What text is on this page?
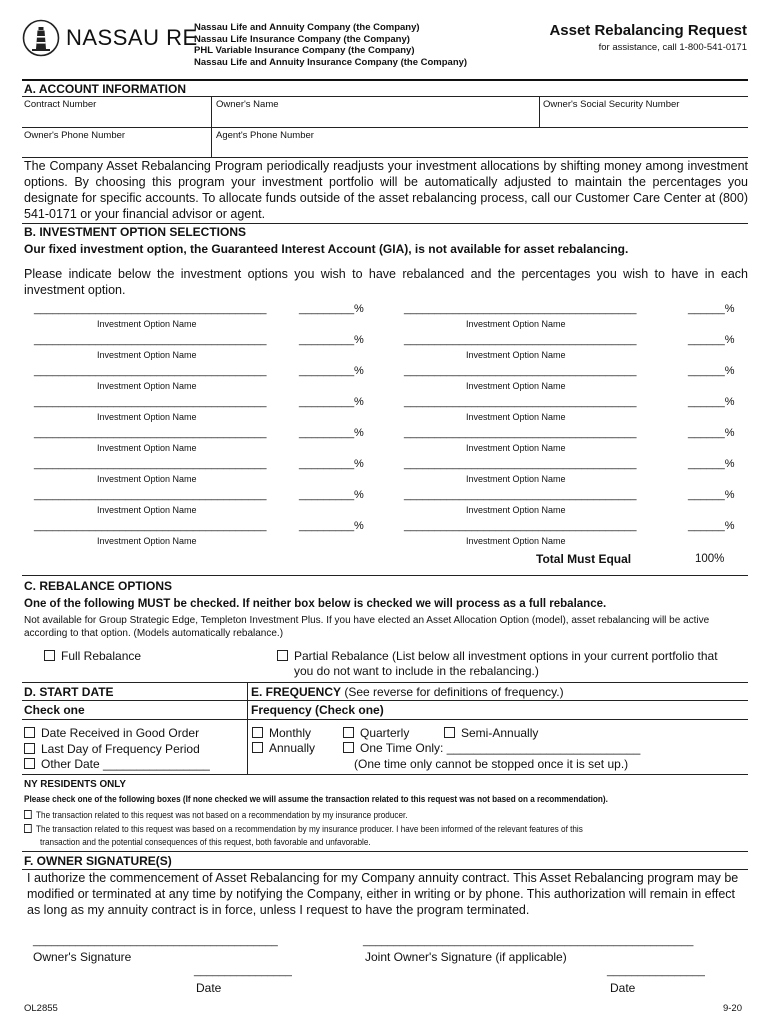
NASSAU RE
Nassau Life and Annuity Company (the Company)
Nassau Life Insurance Company (the Company)
PHL Variable Insurance Company (the Company)
Nassau Life and Annuity Insurance Company (the Company)
Asset Rebalancing Request
for assistance, call 1-800-541-0171
A. ACCOUNT INFORMATION
Contract Number	Owner's Name	Owner's Social Security Number
Owner's Phone Number	Agent's Phone Number
The Company Asset Rebalancing Program periodically readjusts your investment allocations by shifting money among investment options. By choosing this program your investment portfolio will be automatically adjusted to maintain the percentages you designate for specific accounts. To allocate funds outside of the asset rebalancing process, call our Customer Care Center at (800) 541-0171 or your financial advisor or agent.
B. INVESTMENT OPTION SELECTIONS
Our fixed investment option, the Guaranteed Interest Account (GIA), is not available for asset rebalancing.
Please indicate below the investment options you wish to have rebalanced and the percentages you wish to have in each investment option.
______________________________________	_________%
Investment Option Name
______________________________________	______%
Investment Option Name
______________________________________	_________%
Investment Option Name
______________________________________	______%
Investment Option Name
______________________________________	_________%
Investment Option Name
______________________________________	______%
Investment Option Name
______________________________________	_________%
Investment Option Name
______________________________________	______%
Investment Option Name
______________________________________	_________%
Investment Option Name
______________________________________	______%
Investment Option Name
______________________________________	_________%
Investment Option Name
______________________________________	______%
Investment Option Name
______________________________________	_________%
Investment Option Name
______________________________________	______%
Investment Option Name
______________________________________	_________%
Investment Option Name
______________________________________	______%
Investment Option Name
Total Must Equal	100%
C. REBALANCE OPTIONS
One of the following MUST be checked. If neither box below is checked we will process as a full rebalance.
Not available for Group Strategic Edge, Templeton Investment Plus. If you have elected an Asset Allocation Option (model), asset rebalancing will be active according to that option. (Models automatically rebalance.)
Full Rebalance	Partial Rebalance (List below all investment options in your current portfolio that
you do not want to include in the rebalancing.)
D. START DATE	E. FREQUENCY (See reverse for definitions of frequency.)
Check one	Frequency (Check one)
Date Received in Good Order
Last Day of Frequency Period
Other Date ________________
Monthly	Quarterly	Semi-Annually
Annually	One Time Only: _____________________________
(One time only cannot be stopped once it is set up.)
NY RESIDENTS ONLY
Please check one of the following boxes (If none checked we will assume the transaction related to this request was not based on a recommendation).
The transaction related to this request was not based on a recommendation by my insurance producer.
The transaction related to this request was based on a recommendation by my insurance producer. I have been informed of the relevant features of this
transaction and the potential consequences of this request, both favorable and unfavorable.
F. OWNER SIGNATURE(S)
I authorize the commencement of Asset Rebalancing for my Company annuity contract. This Asset Rebalancing program may be modified or terminated at any time by notifying the Company, either in writing or by phone. This authorization will remain in effect as long as my annuity contract is in force, unless I request to have the program terminated.
________________________________________	______________________________________________________
Owner's Signature	Joint Owner's Signature (if applicable)
________________	________________
Date	Date
OL2855	9-20
